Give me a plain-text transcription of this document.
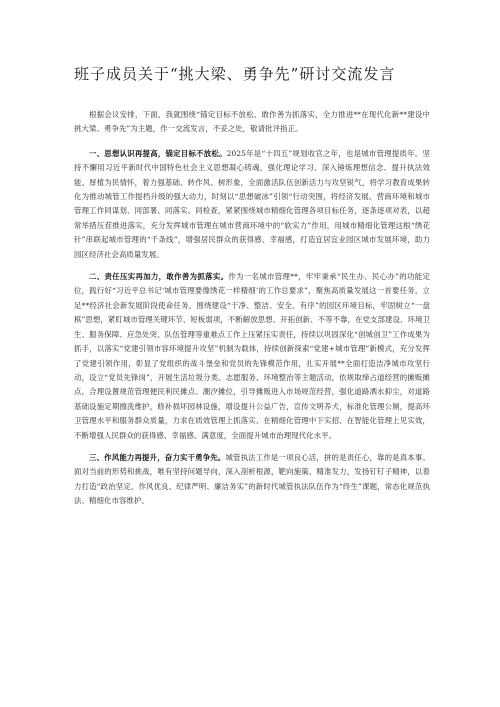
班子成员关于“挑大梁、勇争先”研讨交流发言

根据会议安排，下面，我就围绕“锚定目标不放松、敢作善为抓落实，全力推进**在现代化新**建设中挑大梁、勇争先”为主题，作一交流发言，不妥之处，敬请批评指正。

一、思想认识再提高，锚定目标不放松。2025年是“十四五”规划收官之年，也是城市管理提质年。坚持不懈用习近平新时代中国特色社会主义思想凝心铸魂，强化理论学习、深入锤炼理想信念、提升执法效能、厚植为民情怀，着力强基础、转作风、树形象，全面激活队伍创新活力与攻坚锐气，将学习教育成果转化为推动城管工作提档升级的强大动力，时刻以“思想破冰”引领“行动突围，将经济发展、营商环境和城市管理工作同谋划、同部署、同落实、同检查，紧紧围绕城市精细化管理各项目标任务，逐条逐项对表，以超常举措压茬推进落实，充分发挥城市管理在城市营商环境中的“软实力”作用，用城市精细化管理这根“绣花针”串联起城市管理的“千条线”，增强居民群众的获得感、幸福感，打造宜居宜业园区城市发展环境，助力园区经济社会高质量发展。

二、责任压实再加力，敢作善为抓落实。作为一名城市管理**，牢牢秉承“民生办、民心办”的功能定位，践行好“习近平总书记‘城市管理要像绣花一样精细’的工作总要求”，聚焦高质量发展这一首要任务，立足**经济社会新发展阶段使命任务，围绕建设“干净、整洁、安全、有序”的园区环境目标，牢固树立“一盘棋”思想，紧盯城市管理关键环节、短板弱项，不断解放思想、开拓创新、不等不靠，在党支部建设、环境卫生、服务保障、应急处突、队伍管理等重难点工作上压紧压实责任，持续以巩固深化“创城创卫”工作成果为抓手，以落实“党建引领市容环境提升攻坚”机制为载体，持续创新探索“党建+城市管理”新模式，充分发挥了党建引领作用，彰显了党组织的战斗堡垒和党员的先锋模范作用，扎实开展**全面打造洁净城市攻坚行动，设立“党员先锋岗”，开展生活垃圾分类、志愿服务、环境整治等主题活动，依规取缔占道经营的摊贩摊点，合理设置规范管理便民利民摊点、潮汐摊位，引导摊贩进入市场规范经营，强化道路洒水抑尘，对道路基础设施定期擦洗维护，修补损坏园林设施，增设提升公益广告，宣传文明养犬，标准化管理公厕，提高环卫管理水平和服务群众质量，力求在质效管理上抓落实、在精细化管理中下实招、在智能化管理上见实效，不断增强人民群众的获得感、幸福感、满意度，全面提升城市治理现代化水平。

三、作风能力再提升，奋力实干勇争先。城管执法工作是一项良心活，拼的是责任心，靠的是真本事。面对当前的形势和挑战，唯有坚持问题导向，深入剖析根源，靶向施策、精准发力，发扬钉钉子精神，以着力打造“政治坚定、作风优良、纪律严明、廉洁务实”的新时代城管执法队伍作为“终生”课题，常态化规范执法、精细化市容维护、
